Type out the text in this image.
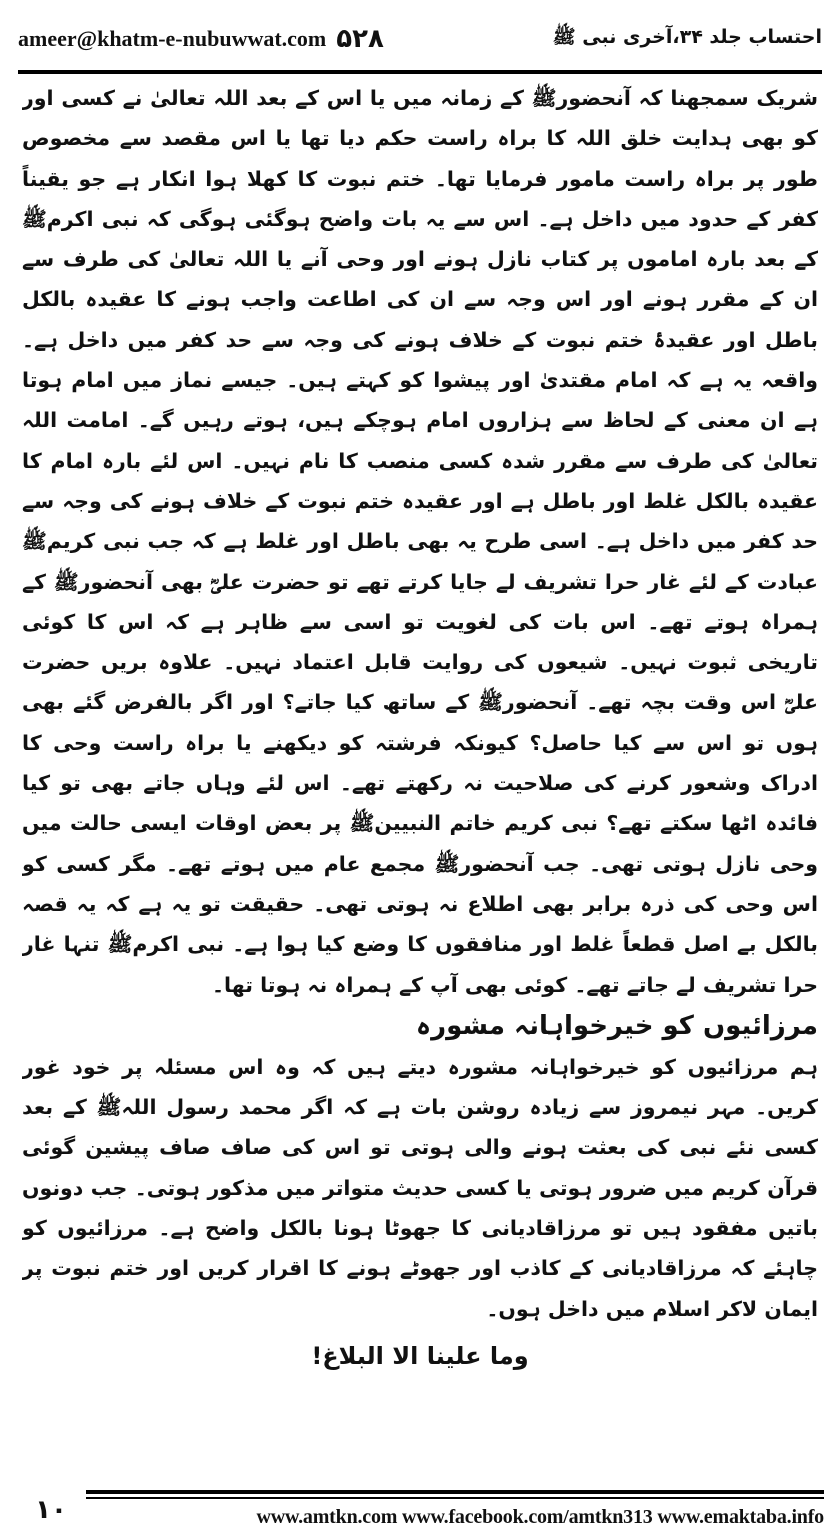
ameer@khatm-e-nubuwwat.com ۵۲۸	احتساب جلد ۳۴،آخری نبی ﷺ

شریک سمجھنا کہ آنحضورﷺ کے زمانہ میں یا اس کے بعد اللہ تعالیٰ نے کسی اور کو بھی ہدایت خلق اللہ کا براہ راست حکم دیا تھا یا اس مقصد سے مخصوص طور پر براہ راست مامور فرمایا تھا۔ ختم نبوت کا کھلا ہوا انکار ہے جو یقیناً کفر کے حدود میں داخل ہے۔ اس سے یہ بات واضح ہوگئی ہوگی کہ نبی اکرمﷺ کے بعد بارہ اماموں پر کتاب نازل ہونے اور وحی آنے یا اللہ تعالیٰ کی طرف سے ان کے مقرر ہونے اور اس وجہ سے ان کی اطاعت واجب ہونے کا عقیدہ بالکل باطل اور عقیدۂ ختم نبوت کے خلاف ہونے کی وجہ سے حد کفر میں داخل ہے۔ واقعہ یہ ہے کہ امام مقتدیٰ اور پیشوا کو کہتے ہیں۔ جیسے نماز میں امام ہوتا ہے ان معنی کے لحاظ سے ہزاروں امام ہوچکے ہیں، ہوتے رہیں گے۔ امامت اللہ تعالیٰ کی طرف سے مقرر شدہ کسی منصب کا نام نہیں۔ اس لئے بارہ امام کا عقیدہ بالکل غلط اور باطل ہے اور عقیدہ ختم نبوت کے خلاف ہونے کی وجہ سے حد کفر میں داخل ہے۔ اسی طرح یہ بھی باطل اور غلط ہے کہ جب نبی کریمﷺ عبادت کے لئے غار حرا تشریف لے جایا کرتے تھے تو حضرت علیؓ بھی آنحضورﷺ کے ہمراہ ہوتے تھے۔ اس بات کی لغویت تو اسی سے ظاہر ہے کہ اس کا کوئی تاریخی ثبوت نہیں۔ شیعوں کی روایت قابل اعتماد نہیں۔ علاوہ بریں حضرت علیؓ اس وقت بچہ تھے۔ آنحضورﷺ کے ساتھ کیا جاتے؟ اور اگر بالفرض گئے بھی ہوں تو اس سے کیا حاصل؟ کیونکہ فرشتہ کو دیکھنے یا براہ راست وحی کا ادراک وشعور کرنے کی صلاحیت نہ رکھتے تھے۔ اس لئے وہاں جاتے بھی تو کیا فائدہ اٹھا سکتے تھے؟ نبی کریم خاتم النبیینﷺ پر بعض اوقات ایسی حالت میں وحی نازل ہوتی تھی۔ جب آنحضورﷺ مجمع عام میں ہوتے تھے۔ مگر کسی کو اس وحی کی ذرہ برابر بھی اطلاع نہ ہوتی تھی۔ حقیقت تو یہ ہے کہ یہ قصہ بالکل بے اصل قطعاً غلط اور منافقوں کا وضع کیا ہوا ہے۔ نبی اکرمﷺ تنہا غار حرا تشریف لے جاتے تھے۔ کوئی بھی آپ کے ہمراہ نہ ہوتا تھا۔

مرزائیوں کو خیرخواہانہ مشورہ

ہم مرزائیوں کو خیرخواہانہ مشورہ دیتے ہیں کہ وہ اس مسئلہ پر خود غور کریں۔ مہر نیمروز سے زیادہ روشن بات ہے کہ اگر محمد رسول اللہﷺ کے بعد کسی نئے نبی کی بعثت ہونے والی ہوتی تو اس کی صاف صاف پیشین گوئی قرآن کریم میں ضرور ہوتی یا کسی حدیث متواتر میں مذکور ہوتی۔ جب دونوں باتیں مفقود ہیں تو مرزاقادیانی کا جھوٹا ہونا بالکل واضح ہے۔ مرزائیوں کو چاہئے کہ مرزاقادیانی کے کاذب اور جھوٹے ہونے کا اقرار کریں اور ختم نبوت پر ایمان لاکر اسلام میں داخل ہوں۔

وما علینا الا البلاغ!

۱۰	www.amtkn.com www.facebook.com/amtkn313 www.emaktaba.info
